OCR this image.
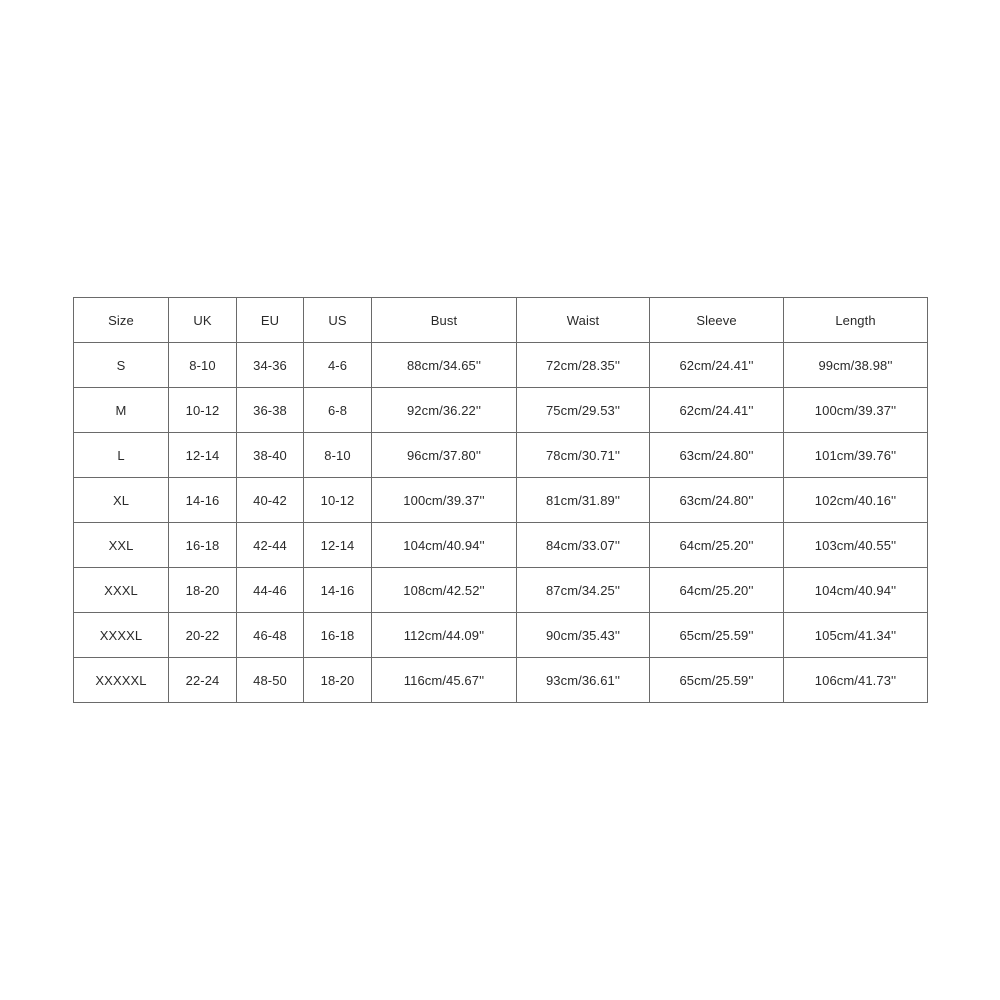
Size	UK	EU	US	Bust	Waist	Sleeve	Length
S	8-10	34-36	4-6	88cm/34.65''	72cm/28.35''	62cm/24.41''	99cm/38.98''
M	10-12	36-38	6-8	92cm/36.22''	75cm/29.53''	62cm/24.41''	100cm/39.37''
L	12-14	38-40	8-10	96cm/37.80''	78cm/30.71''	63cm/24.80''	101cm/39.76''
XL	14-16	40-42	10-12	100cm/39.37''	81cm/31.89''	63cm/24.80''	102cm/40.16''
XXL	16-18	42-44	12-14	104cm/40.94''	84cm/33.07''	64cm/25.20''	103cm/40.55''
XXXL	18-20	44-46	14-16	108cm/42.52''	87cm/34.25''	64cm/25.20''	104cm/40.94''
XXXXL	20-22	46-48	16-18	112cm/44.09''	90cm/35.43''	65cm/25.59''	105cm/41.34''
XXXXXL	22-24	48-50	18-20	116cm/45.67''	93cm/36.61''	65cm/25.59''	106cm/41.73''
